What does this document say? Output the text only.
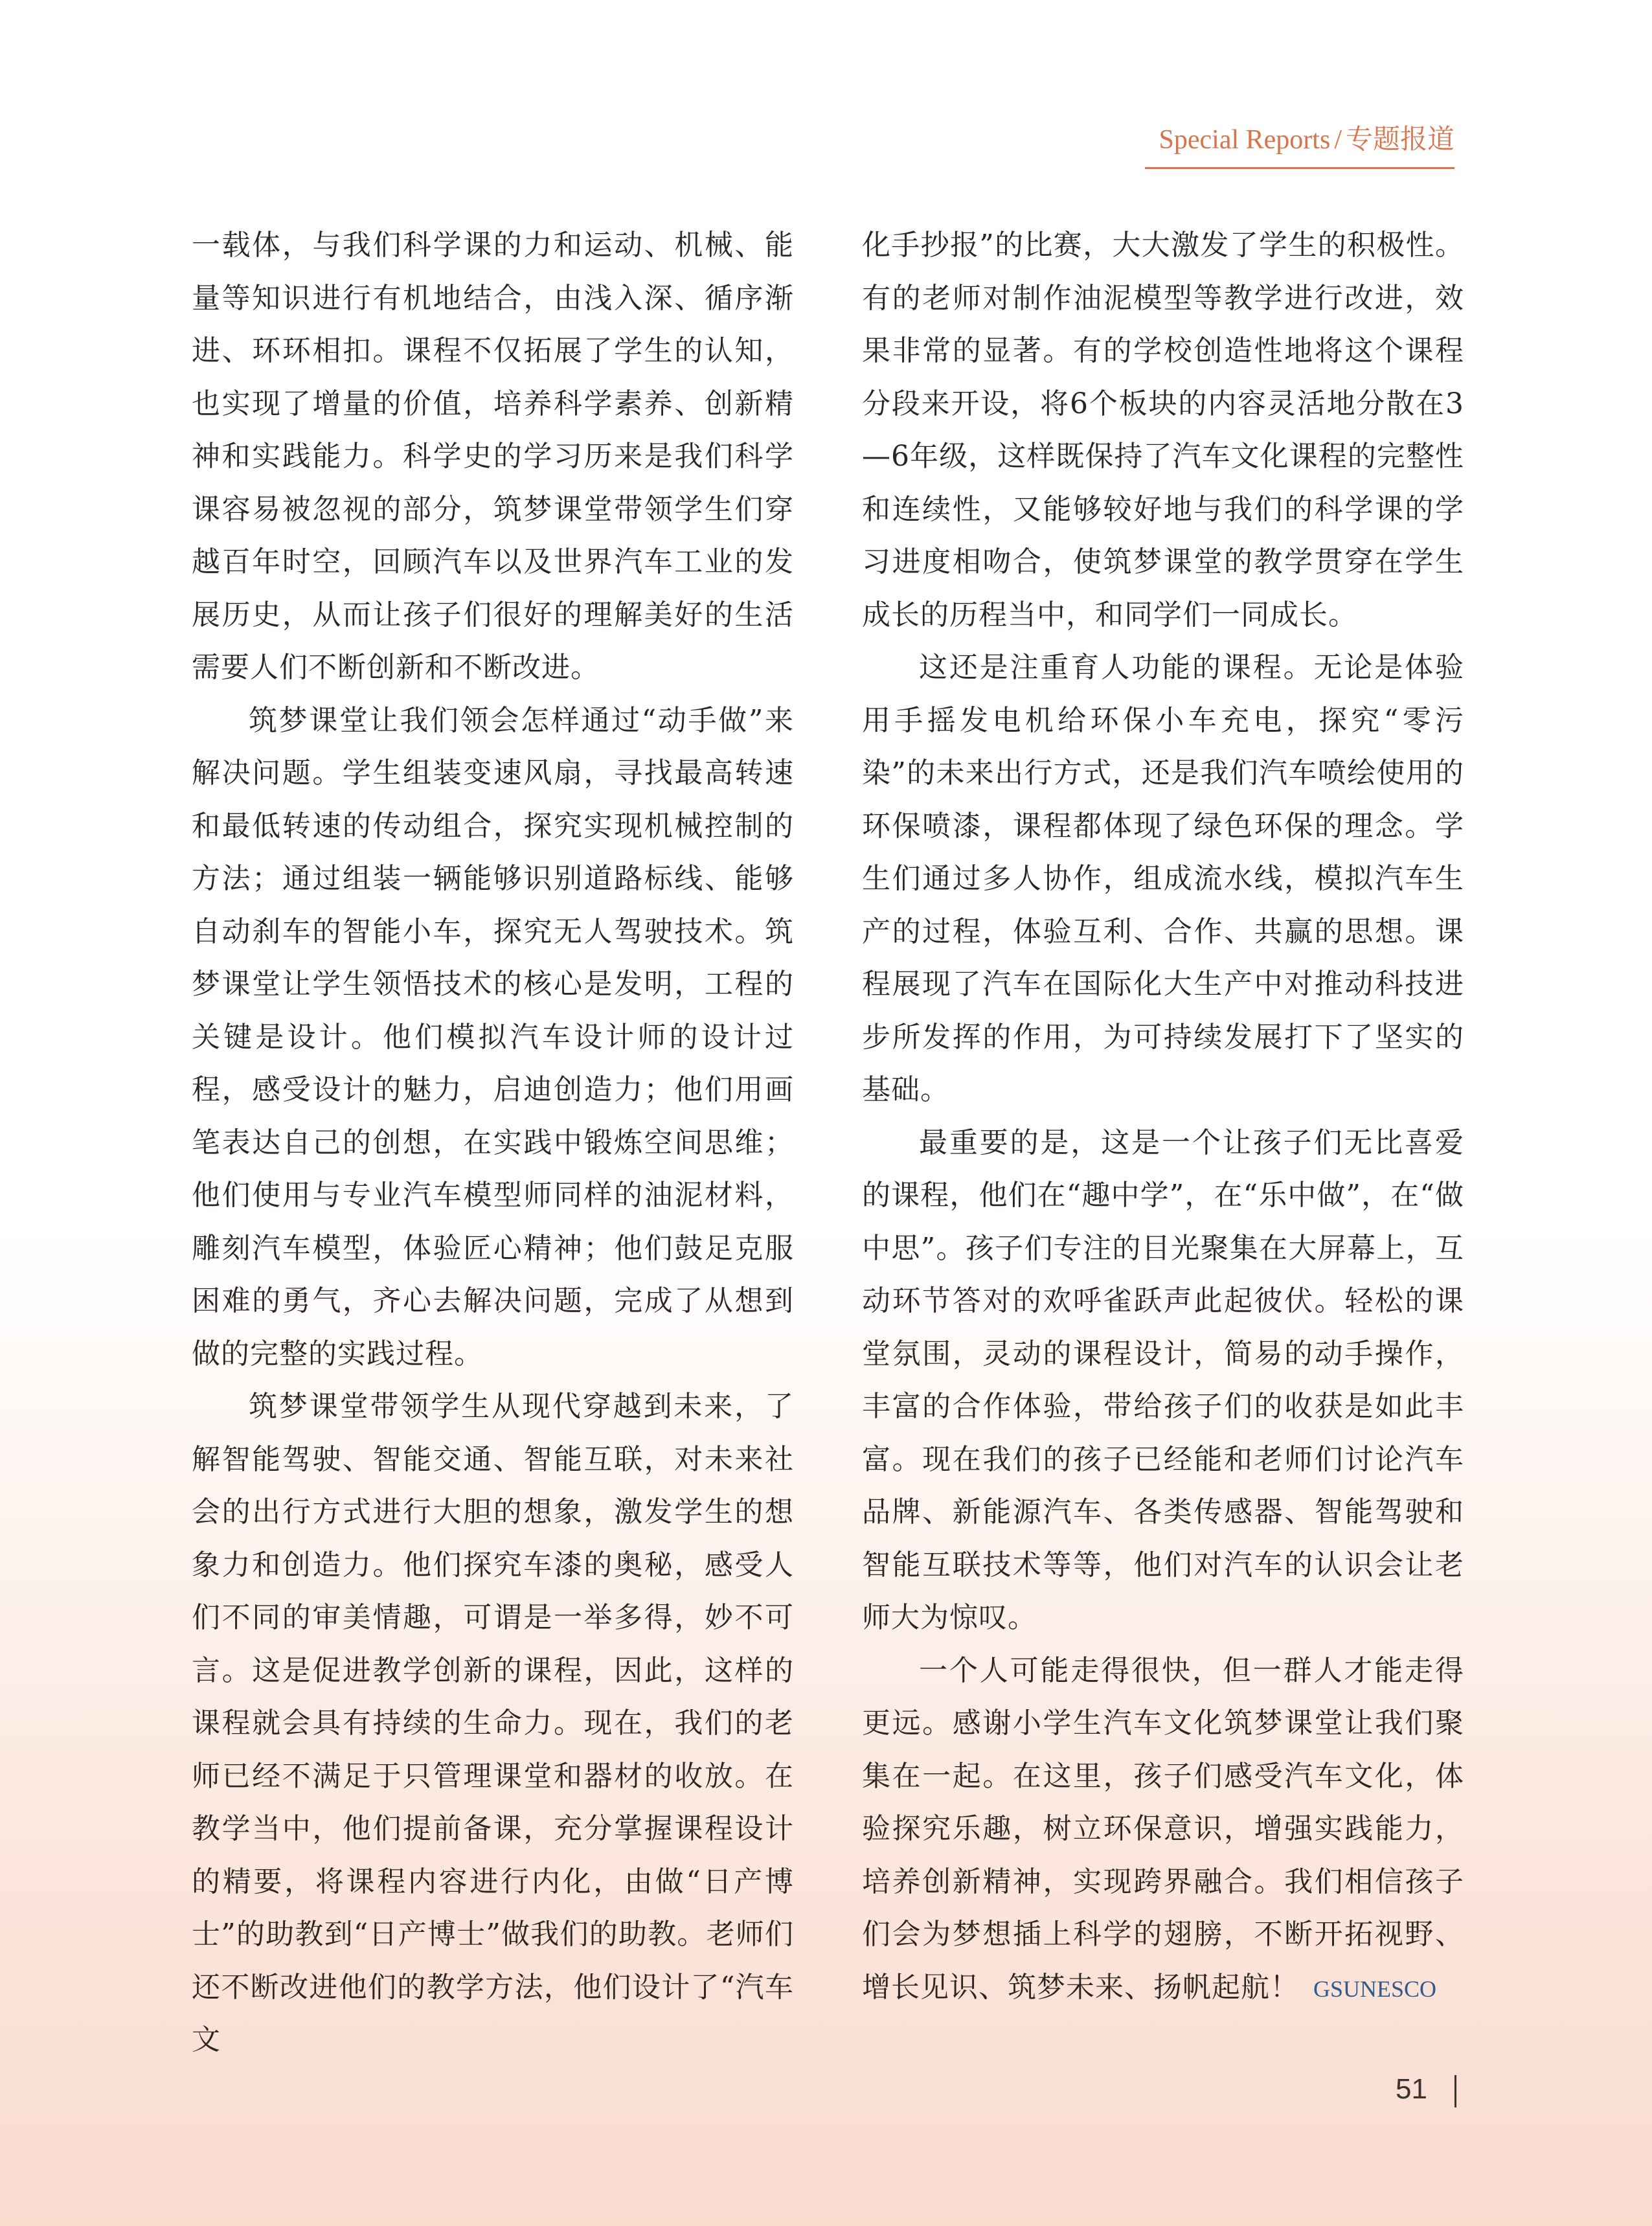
Special Reports / 专题报道

一载体，与我们科学课的力和运动、机械、能量等知识进行有机地结合，由浅入深、循序渐进、环环相扣。课程不仅拓展了学生的认知，也实现了增量的价值，培养科学素养、创新精神和实践能力。科学史的学习历来是我们科学课容易被忽视的部分，筑梦课堂带领学生们穿越百年时空，回顾汽车以及世界汽车工业的发展历史，从而让孩子们很好的理解美好的生活需要人们不断创新和不断改进。

筑梦课堂让我们领会怎样通过“动手做”来解决问题。学生组装变速风扇，寻找最高转速和最低转速的传动组合，探究实现机械控制的方法；通过组装一辆能够识别道路标线、能够自动刹车的智能小车，探究无人驾驶技术。筑梦课堂让学生领悟技术的核心是发明，工程的关键是设计。他们模拟汽车设计师的设计过程，感受设计的魅力，启迪创造力；他们用画笔表达自己的创想，在实践中锻炼空间思维；他们使用与专业汽车模型师同样的油泥材料，雕刻汽车模型，体验匠心精神；他们鼓足克服困难的勇气，齐心去解决问题，完成了从想到做的完整的实践过程。

筑梦课堂带领学生从现代穿越到未来，了解智能驾驶、智能交通、智能互联，对未来社会的出行方式进行大胆的想象，激发学生的想象力和创造力。他们探究车漆的奥秘，感受人们不同的审美情趣，可谓是一举多得，妙不可言。这是促进教学创新的课程，因此，这样的课程就会具有持续的生命力。现在，我们的老师已经不满足于只管理课堂和器材的收放。在教学当中，他们提前备课，充分掌握课程设计的精要，将课程内容进行内化，由做“日产博士”的助教到“日产博士”做我们的助教。老师们还不断改进他们的教学方法，他们设计了“汽车文

化手抄报”的比赛，大大激发了学生的积极性。有的老师对制作油泥模型等教学进行改进，效果非常的显著。有的学校创造性地将这个课程分段来开设，将6个板块的内容灵活地分散在3—6年级，这样既保持了汽车文化课程的完整性和连续性，又能够较好地与我们的科学课的学习进度相吻合，使筑梦课堂的教学贯穿在学生成长的历程当中，和同学们一同成长。

这还是注重育人功能的课程。无论是体验用手摇发电机给环保小车充电，探究“零污染”的未来出行方式，还是我们汽车喷绘使用的环保喷漆，课程都体现了绿色环保的理念。学生们通过多人协作，组成流水线，模拟汽车生产的过程，体验互利、合作、共赢的思想。课程展现了汽车在国际化大生产中对推动科技进步所发挥的作用，为可持续发展打下了坚实的基础。

最重要的是，这是一个让孩子们无比喜爱的课程，他们在“趣中学”，在“乐中做”，在“做中思”。孩子们专注的目光聚集在大屏幕上，互动环节答对的欢呼雀跃声此起彼伏。轻松的课堂氛围，灵动的课程设计，简易的动手操作，丰富的合作体验，带给孩子们的收获是如此丰富。现在我们的孩子已经能和老师们讨论汽车品牌、新能源汽车、各类传感器、智能驾驶和智能互联技术等等，他们对汽车的认识会让老师大为惊叹。

一个人可能走得很快，但一群人才能走得更远。感谢小学生汽车文化筑梦课堂让我们聚集在一起。在这里，孩子们感受汽车文化，体验探究乐趣，树立环保意识，增强实践能力，培养创新精神，实现跨界融合。我们相信孩子们会为梦想插上科学的翅膀，不断开拓视野、增长见识、筑梦未来、扬帆起航！ GSUNESCO

51
